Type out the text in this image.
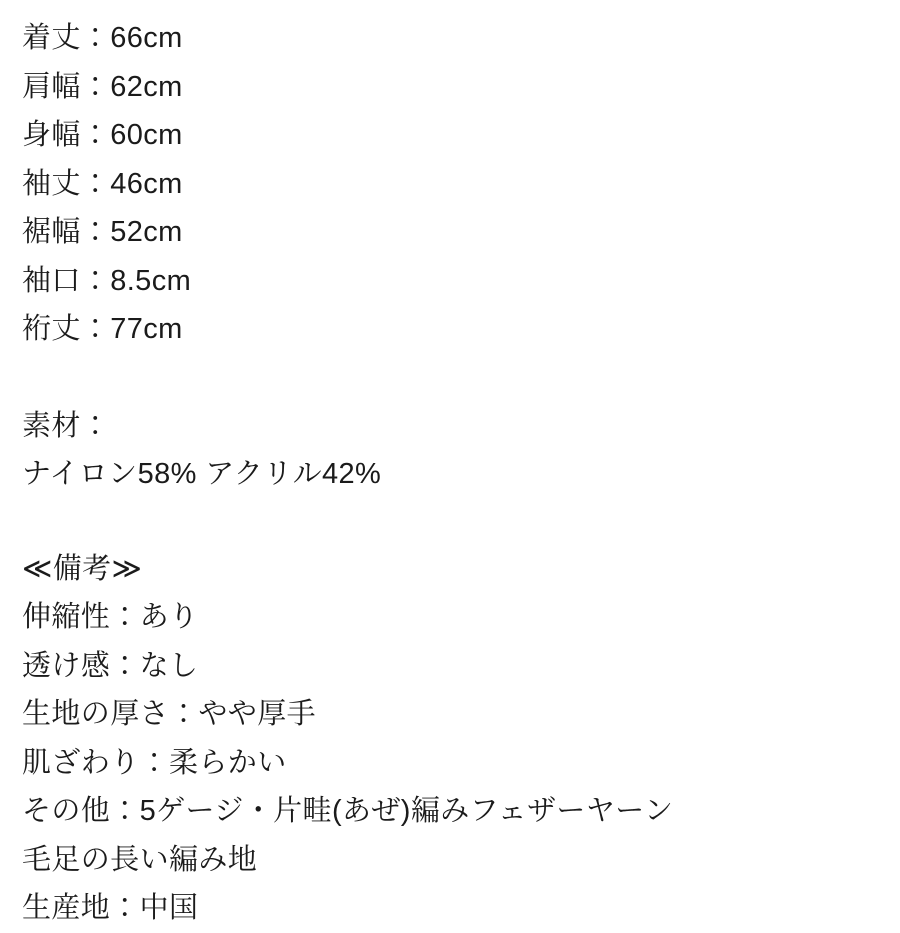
着丈：66cm
肩幅：62cm
身幅：60cm
袖丈：46cm
裾幅：52cm
袖口：8.5cm
裄丈：77cm
素材：
ナイロン58% アクリル42%
≪備考≫
伸縮性：あり
透け感：なし
生地の厚さ：やや厚手
肌ざわり：柔らかい
その他：5ゲージ・片畦(あぜ)編みフェザーヤーン
毛足の長い編み地
生産地：中国
